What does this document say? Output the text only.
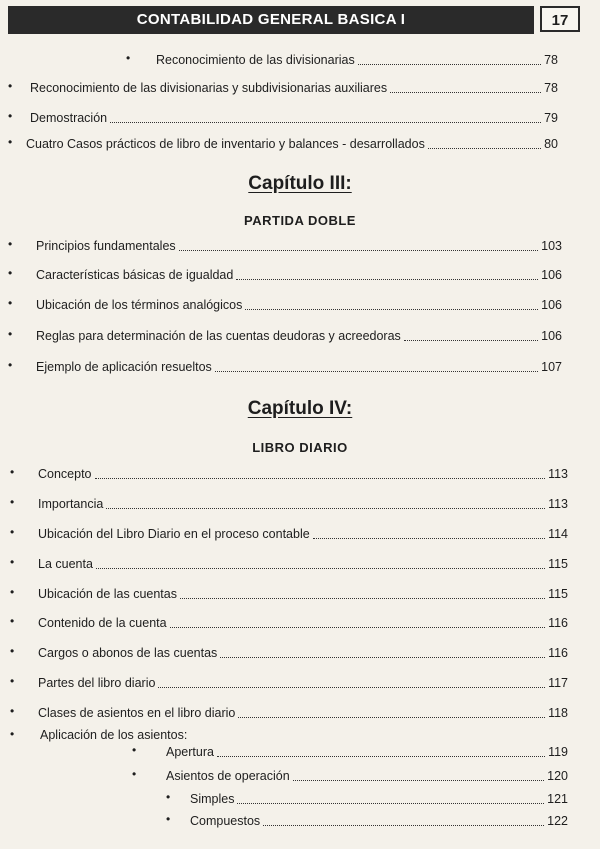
CONTABILIDAD GENERAL BASICA I	17
Capítulo III:
PARTIDA DOBLE
Capítulo IV:
LIBRO DIARIO
Aplicación de los asientos:
•
• Reconocimiento de las divisionarias	78
• Reconocimiento de las divisionarias y subdivisionarias auxiliares	78
• Demostración	79
• Cuatro Casos prácticos de libro de inventario y balances - desarrollados	80
• Principios fundamentales	103
• Características básicas de igualdad	106
• Ubicación de los términos analógicos	106
• Reglas para determinación de las cuentas deudoras y acreedoras	106
• Ejemplo de aplicación resueltos	107
• Concepto	113
• Importancia	113
• Ubicación del Libro Diario en el proceso contable	114
• La cuenta	115
• Ubicación de las cuentas	115
• Contenido de la cuenta	116
• Cargos o abonos de las cuentas	116
• Partes del libro diario	117
• Clases de asientos en el libro diario	118
• Apertura	119
• Asientos de operación	120
• Simples	121
• Compuestos	122
